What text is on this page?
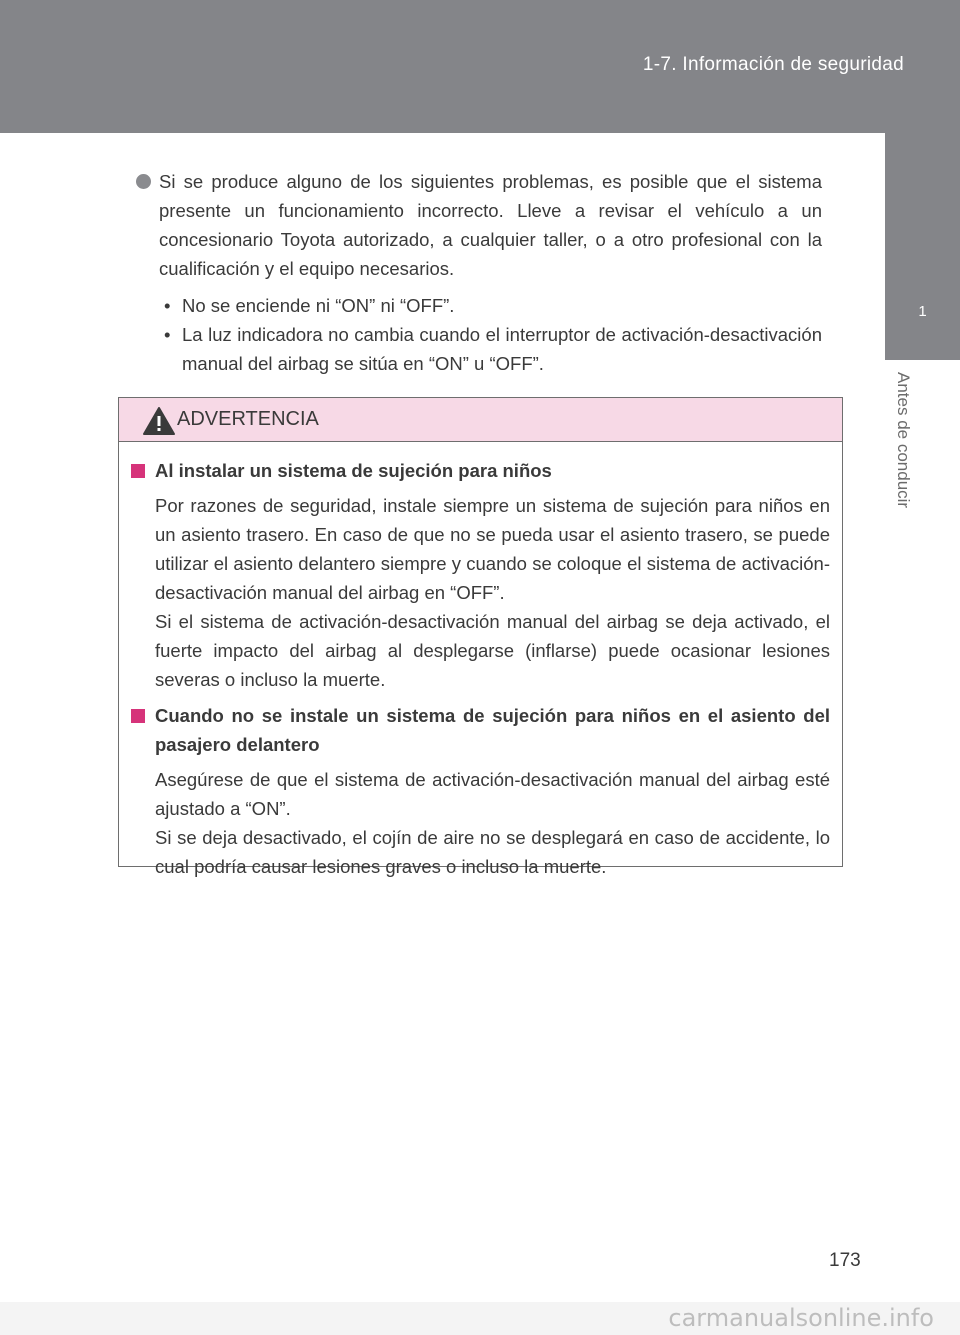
1-7. Información de seguridad
1
Antes de conducir
Si se produce alguno de los siguientes problemas, es posible que el sistema presente un funcionamiento incorrecto. Lleve a revisar el vehículo a un concesionario Toyota autorizado, a cualquier taller, o a otro profesional con la cualificación y el equipo necesarios.
• No se enciende ni “ON” ni “OFF”.
• La luz indicadora no cambia cuando el interruptor de activación-desactivación manual del airbag se sitúa en “ON” u “OFF”.
ADVERTENCIA
Al instalar un sistema de sujeción para niños

Por razones de seguridad, instale siempre un sistema de sujeción para niños en un asiento trasero. En caso de que no se pueda usar el asiento trasero, se puede utilizar el asiento delantero siempre y cuando se coloque el sistema de activación-desactivación manual del airbag en “OFF”.

Si el sistema de activación-desactivación manual del airbag se deja activado, el fuerte impacto del airbag al desplegarse (inflarse) puede ocasionar lesiones severas o incluso la muerte.

Cuando no se instale un sistema de sujeción para niños en el asiento del pasajero delantero

Asegúrese de que el sistema de activación-desactivación manual del airbag esté ajustado a “ON”.

Si se deja desactivado, el cojín de aire no se desplegará en caso de accidente, lo cual podría causar lesiones graves o incluso la muerte.

173
carmanualsonline.info
